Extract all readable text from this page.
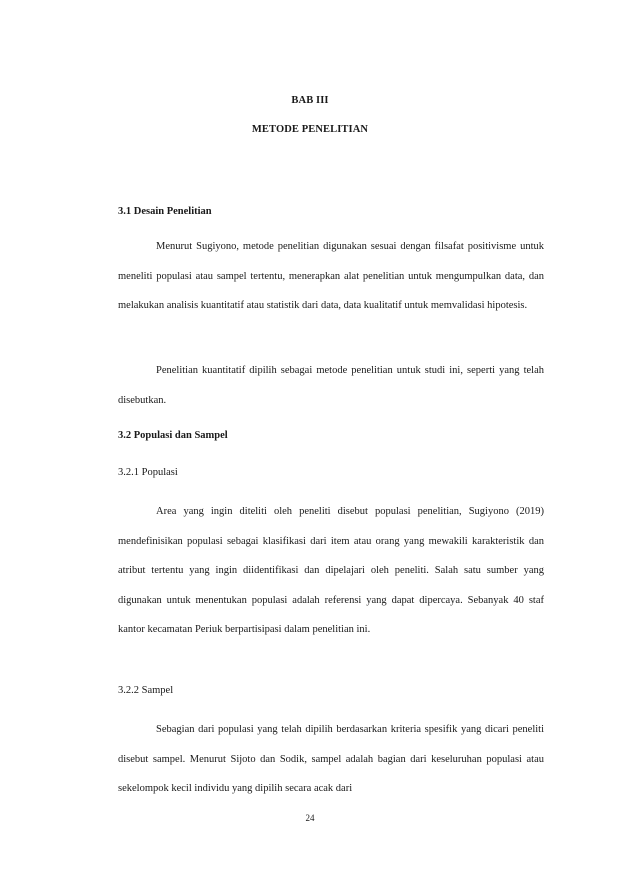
BAB III
METODE PENELITIAN
3.1 Desain Penelitian

Menurut Sugiyono, metode penelitian digunakan sesuai dengan filsafat positivisme untuk meneliti populasi atau sampel tertentu, menerapkan alat penelitian untuk mengumpulkan data, dan melakukan analisis kuantitatif atau statistik dari data, data kualitatif untuk memvalidasi hipotesis.

Penelitian kuantitatif dipilih sebagai metode penelitian untuk studi ini, seperti yang telah disebutkan.

3.2 Populasi dan Sampel
3.2.1 Populasi

Area yang ingin diteliti oleh peneliti disebut populasi penelitian, Sugiyono (2019) mendefinisikan populasi sebagai klasifikasi dari item atau orang yang mewakili karakteristik dan atribut tertentu yang ingin diidentifikasi dan dipelajari oleh peneliti. Salah satu sumber yang digunakan untuk menentukan populasi adalah referensi yang dapat dipercaya. Sebanyak 40 staf kantor kecamatan Periuk berpartisipasi dalam penelitian ini.

3.2.2 Sampel

Sebagian dari populasi yang telah dipilih berdasarkan kriteria spesifik yang dicari peneliti disebut sampel. Menurut Sijoto dan Sodik, sampel adalah bagian dari keseluruhan populasi atau sekelompok kecil individu yang dipilih secara acak dari

24
